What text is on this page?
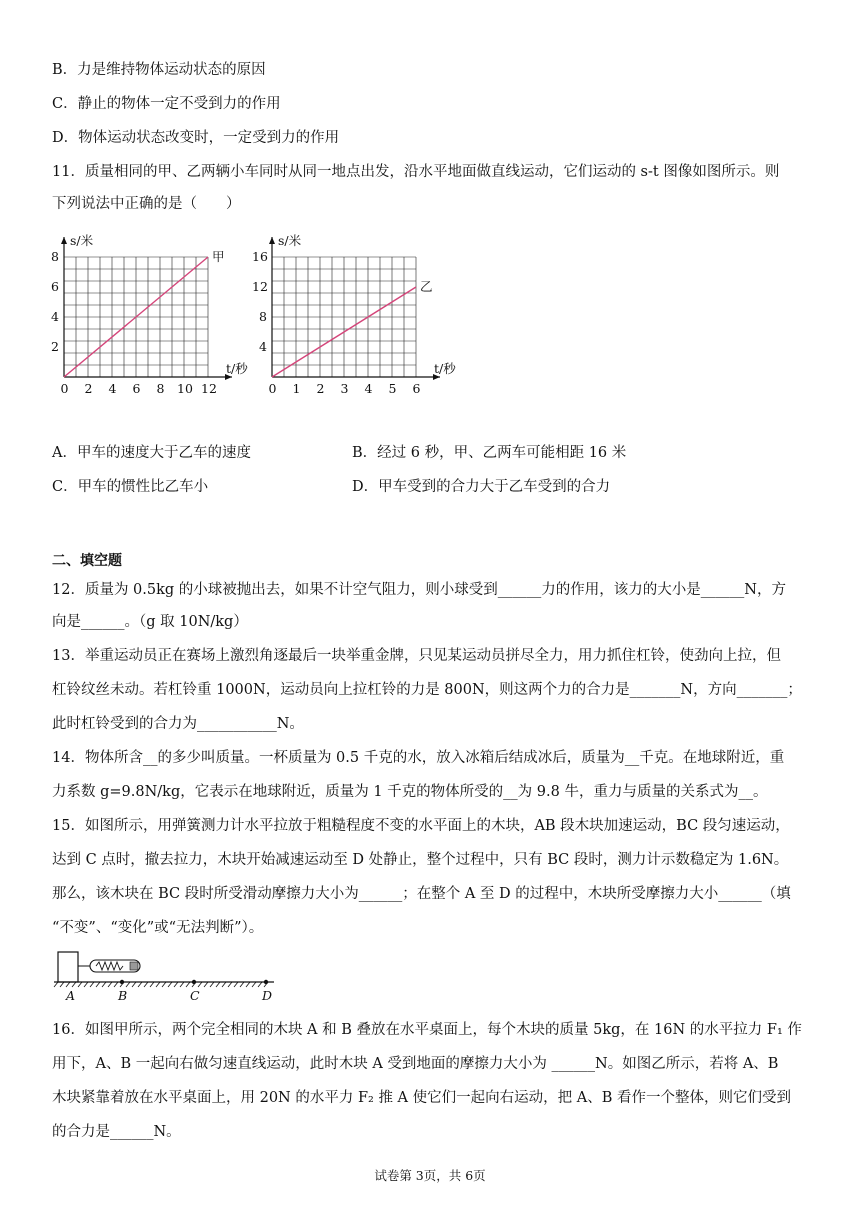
B．力是维持物体运动状态的原因
C．静止的物体一定不受到力的作用
D．物体运动状态改变时，一定受到力的作用
11．质量相同的甲、乙两辆小车同时从同一地点出发，沿水平地面做直线运动，它们运动的 s-t 图像如图所示。则
下列说法中正确的是（　　）
0 2 4 6 8 10 12
2
4
6
8
s/米
t/秒
甲
0 1 2 3 4 5 6
4
8
12
16
s/米
t/秒
乙
A．甲车的速度大于乙车的速度	B．经过 6 秒，甲、乙两车可能相距 16 米
C．甲车的惯性比乙车小	D．甲车受到的合力大于乙车受到的合力
二、填空题
12．质量为 0.5kg 的小球被抛出去，如果不计空气阻力，则小球受到______力的作用，该力的大小是______N，方
向是______。（g 取 10N/kg）
13．举重运动员正在赛场上激烈角逐最后一块举重金牌，只见某运动员拼尽全力，用力抓住杠铃，使劲向上拉，但
杠铃纹丝未动。若杠铃重 1000N，运动员向上拉杠铃的力是 800N，则这两个力的合力是_______N，方向_______；
此时杠铃受到的合力为___________N。
14．物体所含__的多少叫质量。一杯质量为 0.5 千克的水，放入冰箱后结成冰后，质量为__千克。在地球附近，重
力系数 g=9.8N/kg，它表示在地球附近，质量为 1 千克的物体所受的__为 9.8 牛，重力与质量的关系式为__。
15．如图所示，用弹簧测力计水平拉放于粗糙程度不变的水平面上的木块，AB 段木块加速运动，BC 段匀速运动，
达到 C 点时，撤去拉力，木块开始减速运动至 D 处静止，整个过程中，只有 BC 段时，测力计示数稳定为 1.6N。
那么，该木块在 BC 段时所受滑动摩擦力大小为______；在整个 A 至 D 的过程中，木块所受摩擦力大小______（填
“不变”、“变化”或“无法判断”）。
A	B	C	D
16．如图甲所示，两个完全相同的木块 A 和 B 叠放在水平桌面上，每个木块的质量 5kg，在 16N 的水平拉力 F₁ 作
用下，A、B 一起向右做匀速直线运动，此时木块 A 受到地面的摩擦力大小为 ______N。如图乙所示，若将 A、B
木块紧靠着放在水平桌面上，用 20N 的水平力 F₂ 推 A 使它们一起向右运动，把 A、B 看作一个整体，则它们受到
的合力是______N。
试卷第 3页，共 6页
